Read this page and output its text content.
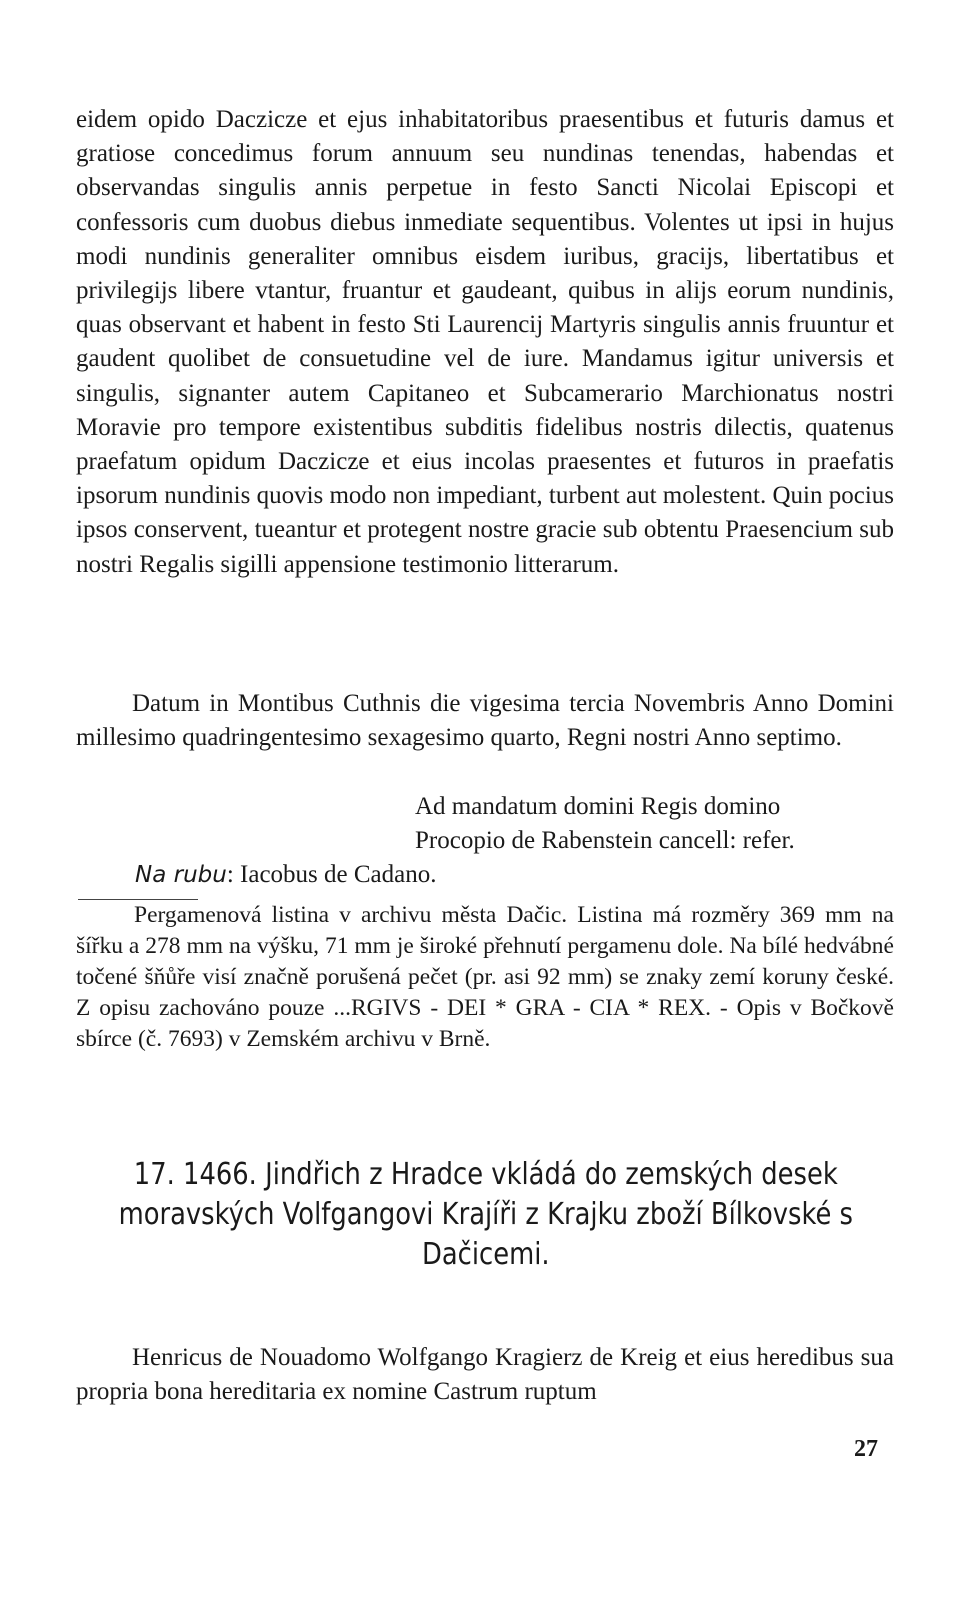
eidem opido Daczicze et ejus inhabitatoribus praesentibus et futuris damus et gratiose concedimus forum annuum seu nundinas tenendas, habendas et observandas singulis annis perpetue in festo Sancti Nicolai Episcopi et confessoris cum duobus diebus inmediate sequentibus. Volentes ut ipsi in hujus modi nundinis generaliter omnibus eisdem iuribus, gracijs, libertatibus et privilegijs libere vtantur, fruantur et gaudeant, quibus in alijs eorum nundinis, quas observant et habent in festo Sti Laurencij Martyris singulis annis fruuntur et gaudent quolibet de consuetudine vel de iure. Mandamus igitur universis et singulis, signanter autem Capitaneo et Subcamerario Marchionatus nostri Moravie pro tempore existentibus subditis fidelibus nostris dilectis, quatenus praefatum opidum Daczicze et eius incolas praesentes et futuros in praefatis ipsorum nundinis quovis modo non impediant, turbent aut molestent. Quin pocius ipsos conservent, tueantur et protegent nostre gracie sub obtentu Praesencium sub nostri Regalis sigilli appensione testimonio litterarum.

Datum in Montibus Cuthnis die vigesima tercia Novembris Anno Domini millesimo quadringentesimo sexagesimo quarto, Regni nostri Anno septimo.

Ad mandatum domini Regis domino
Procopio de Rabenstein cancell: refer.

Na rubu: Iacobus de Cadano.

Pergamenová listina v archivu města Dačic. Listina má rozměry 369 mm na šířku a 278 mm na výšku, 71 mm je široké přehnutí pergamenu dole. Na bílé hedvábné točené šňůře visí značně porušená pečet (pr. asi 92 mm) se znaky zemí koruny české. Z opisu zachováno pouze ...RGIVS - DEI * GRA - CIA * REX. - Opis v Bočkově sbírce (č. 7693) v Zemském archivu v Brně.

17. 1466. Jindřich z Hradce vkládá do zemských desek moravských Volfgangovi Krajíři z Krajku zboží Bílkovské s Dačicemi.

Henricus de Nouadomo Wolfgango Kragierz de Kreig et eius heredibus sua propria bona hereditaria ex nomine Castrum ruptum

27
